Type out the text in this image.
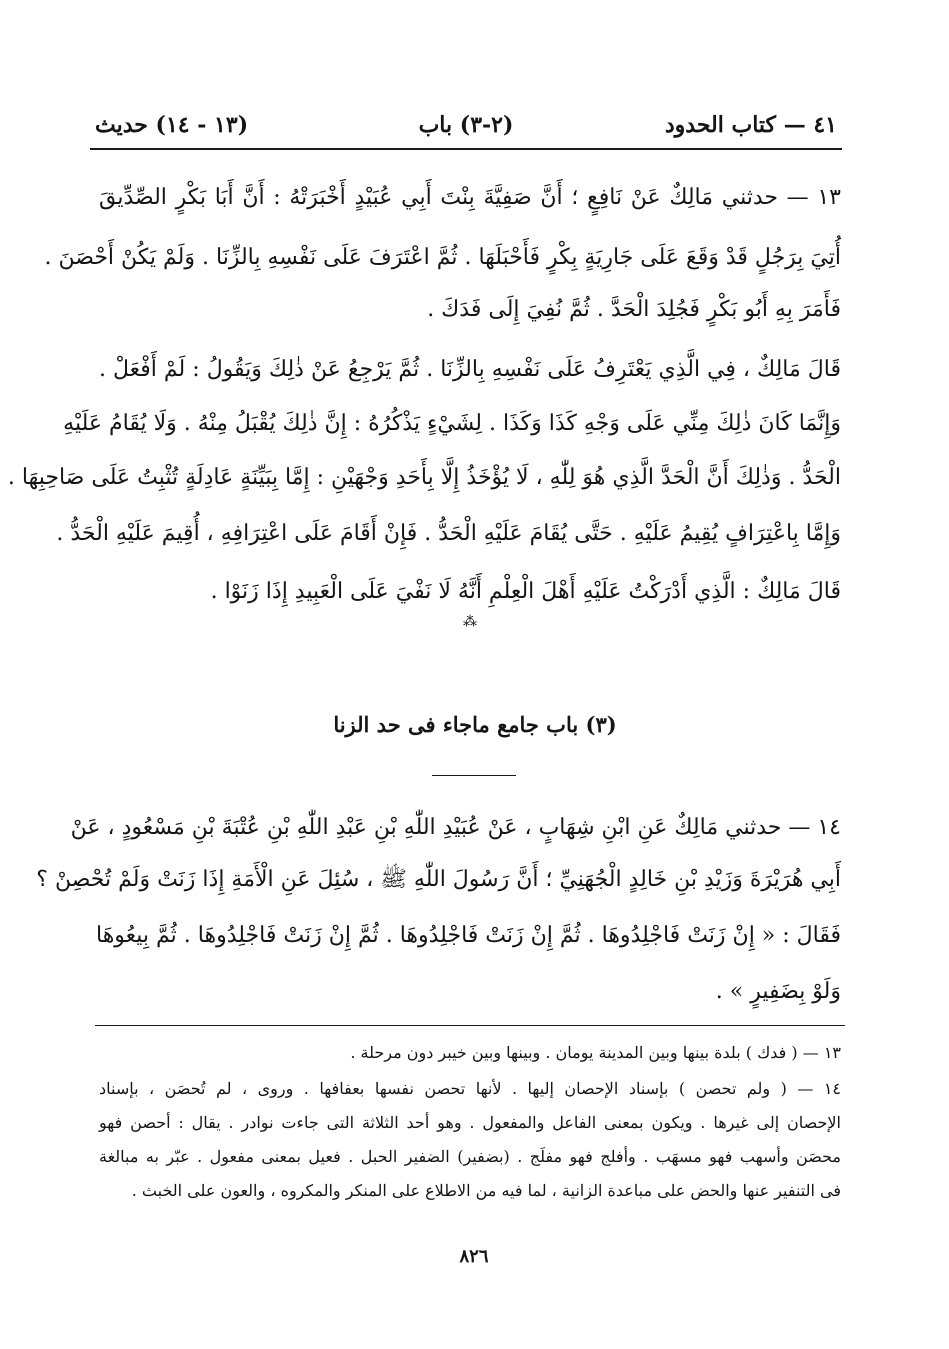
٤١ — كتاب الحدود
(٢-٣) باب
(١٣ - ١٤) حديث
١٣ — حدثني مَالِكٌ عَنْ نَافِعٍ ؛ أَنَّ صَفِيَّةَ بِنْتَ أَبِي عُبَيْدٍ أَخْبَرَتْهُ : أَنَّ أَبَا بَكْرٍ الصِّدِّيقَ
أُتِيَ بِرَجُلٍ قَدْ وَقَعَ عَلَى جَارِيَةٍ بِكْرٍ فَأَحْبَلَهَا . ثُمَّ اعْتَرَفَ عَلَى نَفْسِهِ بِالزِّنَا . وَلَمْ يَكُنْ أَحْصَنَ .
فَأَمَرَ بِهِ أَبُو بَكْرٍ فَجُلِدَ الْحَدَّ . ثُمَّ نُفِيَ إِلَى فَدَكَ .
قَالَ مَالِكٌ ، فِي الَّذِي يَعْتَرِفُ عَلَى نَفْسِهِ بِالزِّنَا . ثُمَّ يَرْجِعُ عَنْ ذٰلِكَ وَيَقُولُ : لَمْ أَفْعَلْ .
وَإِنَّمَا كَانَ ذٰلِكَ مِنِّي عَلَى وَجْهِ كَذَا وَكَذَا . لِشَيْءٍ يَذْكُرُهُ : إِنَّ ذٰلِكَ يُقْبَلُ مِنْهُ . وَلَا يُقَامُ عَلَيْهِ
الْحَدُّ . وَذٰلِكَ أَنَّ الْحَدَّ الَّذِي هُوَ لِلّٰهِ ، لَا يُؤْخَذُ إِلَّا بِأَحَدِ وَجْهَيْنِ : إِمَّا بِبَيِّنَةٍ عَادِلَةٍ تُثْبِتُ عَلَى صَاحِبِهَا .
وَإِمَّا بِاعْتِرَافٍ يُقِيمُ عَلَيْهِ . حَتَّى يُقَامَ عَلَيْهِ الْحَدُّ . فَإِنْ أَقَامَ عَلَى اعْتِرَافِهِ ، أُقِيمَ عَلَيْهِ الْحَدُّ .
قَالَ مَالِكٌ : الَّذِي أَدْرَكْتُ عَلَيْهِ أَهْلَ الْعِلْمِ أَنَّهُ لَا نَفْيَ عَلَى الْعَبِيدِ إِذَا زَنَوْا .
⁂
(٣) باب جامع ماجاء فى حد الزنا
١٤ — حدثني مَالِكٌ عَنِ ابْنِ شِهَابٍ ، عَنْ عُبَيْدِ اللّٰهِ بْنِ عَبْدِ اللّٰهِ بْنِ عُتْبَةَ بْنِ مَسْعُودٍ ، عَنْ
أَبِي هُرَيْرَةَ وَزَيْدِ بْنِ خَالِدٍ الْجُهَنِيِّ ؛ أَنَّ رَسُولَ اللّٰهِ ﷺ ، سُئِلَ عَنِ الْأَمَةِ إِذَا زَنَتْ وَلَمْ تُحْصِنْ ؟
فَقَالَ : « إِنْ زَنَتْ فَاجْلِدُوهَا . ثُمَّ إِنْ زَنَتْ فَاجْلِدُوهَا . ثُمَّ إِنْ زَنَتْ فَاجْلِدُوهَا . ثُمَّ بِيعُوهَا
وَلَوْ بِضَفِيرٍ » .
١٣ — ( فدك ) بلدة بينها وبين المدينة يومان . وبينها وبين خيبر دون مرحلة .
١٤ — ( ولم تحصن ) بإسناد الإحصان إليها . لأنها تحصن نفسها بعفافها . وروى ، لم تُحصَن ، بإسناد
الإحصان إلى غيرها . ويكون بمعنى الفاعل والمفعول . وهو أحد الثلاثة التى جاءت نوادر . يقال : أحصن فهو
محصَن وأسهب فهو مسهَب . وأفلج فهو مفلَج . (بضفير) الضفير الحبل . فعيل بمعنى مفعول . عبّر به مبالغة
فى التنفير عنها والحض على مباعدة الزانية ، لما فيه من الاطلاع على المنكر والمكروه ، والعون على الخبث .
٨٢٦
